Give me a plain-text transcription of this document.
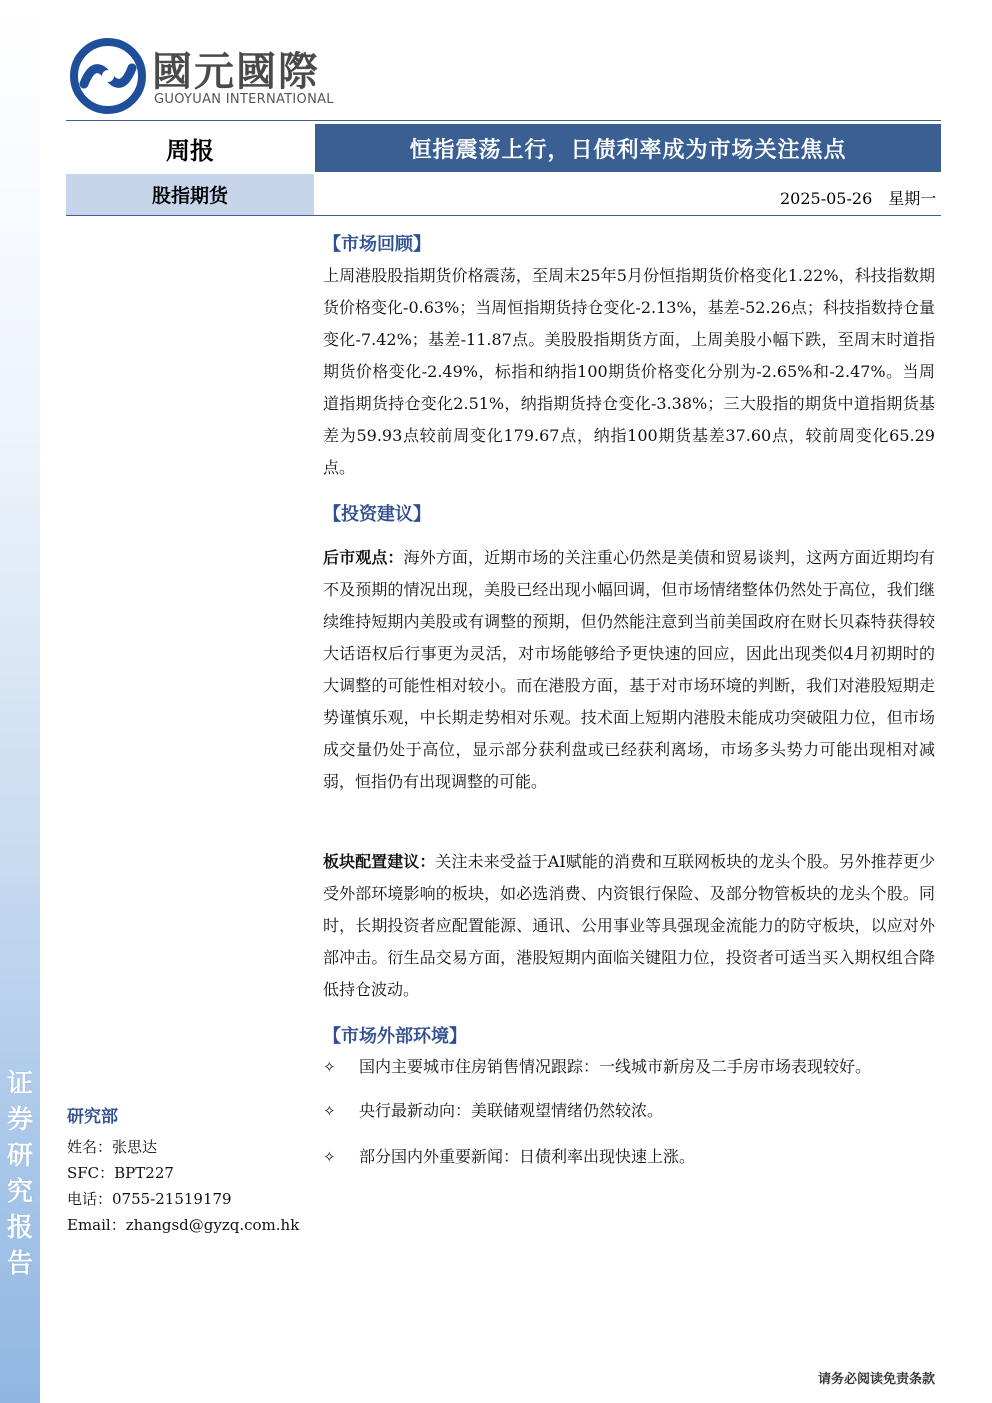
证
券
研
究
报
告
國元國際
GUOYUAN INTERNATIONAL
周报	恒指震荡上行，日债利率成为市场关注焦点
股指期货	2025-05-26　星期一
【市场回顾】
上周港股股指期货价格震荡，至周末25年5月份恒指期货价格变化1.22%，科技指数期货价格变化-0.63%；当周恒指期货持仓变化-2.13%，基差-52.26点；科技指数持仓量变化-7.42%；基差-11.87点。美股股指期货方面，上周美股小幅下跌，至周末时道指期货价格变化-2.49%，标指和纳指100期货价格变化分别为-2.65%和-2.47%。当周道指期货持仓变化2.51%，纳指期货持仓变化-3.38%；三大股指的期货中道指期货基差为59.93点较前周变化179.67点，纳指100期货基差37.60点，较前周变化65.29点。
【投资建议】
后市观点：海外方面，近期市场的关注重心仍然是美债和贸易谈判，这两方面近期均有不及预期的情况出现，美股已经出现小幅回调，但市场情绪整体仍然处于高位，我们继续维持短期内美股或有调整的预期，但仍然能注意到当前美国政府在财长贝森特获得较大话语权后行事更为灵活，对市场能够给予更快速的回应，因此出现类似4月初期时的大调整的可能性相对较小。而在港股方面，基于对市场环境的判断，我们对港股短期走势谨慎乐观，中长期走势相对乐观。技术面上短期内港股未能成功突破阻力位，但市场成交量仍处于高位，显示部分获利盘或已经获利离场，市场多头势力可能出现相对减弱，恒指仍有出现调整的可能。
板块配置建议：关注未来受益于AI赋能的消费和互联网板块的龙头个股。另外推荐更少受外部环境影响的板块，如必选消费、内资银行保险、及部分物管板块的龙头个股。同时，长期投资者应配置能源、通讯、公用事业等具强现金流能力的防守板块，以应对外部冲击。衍生品交易方面，港股短期内面临关键阻力位，投资者可适当买入期权组合降低持仓波动。
【市场外部环境】
✧ 国内主要城市住房销售情况跟踪：一线城市新房及二手房市场表现较好。
✧ 央行最新动向：美联储观望情绪仍然较浓。
✧ 部分国内外重要新闻：日债利率出现快速上涨。
研究部
姓名：张思达
SFC：BPT227
电话：0755-21519179
Email：zhangsd@gyzq.com.hk
请务必阅读免责条款
